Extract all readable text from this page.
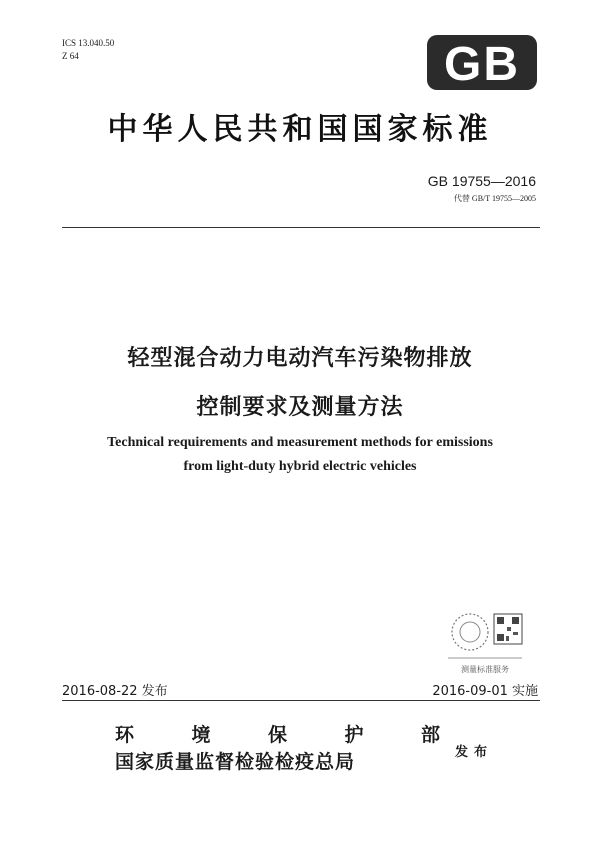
ICS 13.040.50
Z 64	GB
中华人民共和国国家标准
GB 19755—2016
代替 GB/T 19755—2005
轻型混合动力电动汽车污染物排放
控制要求及测量方法
Technical requirements and measurement methods for emissions
from light-duty hybrid electric vehicles
测量标准服务
2016-08-22 发布	2016-09-01 实施
环	境	保	护	部
国家质量监督检验检疫总局	发布
